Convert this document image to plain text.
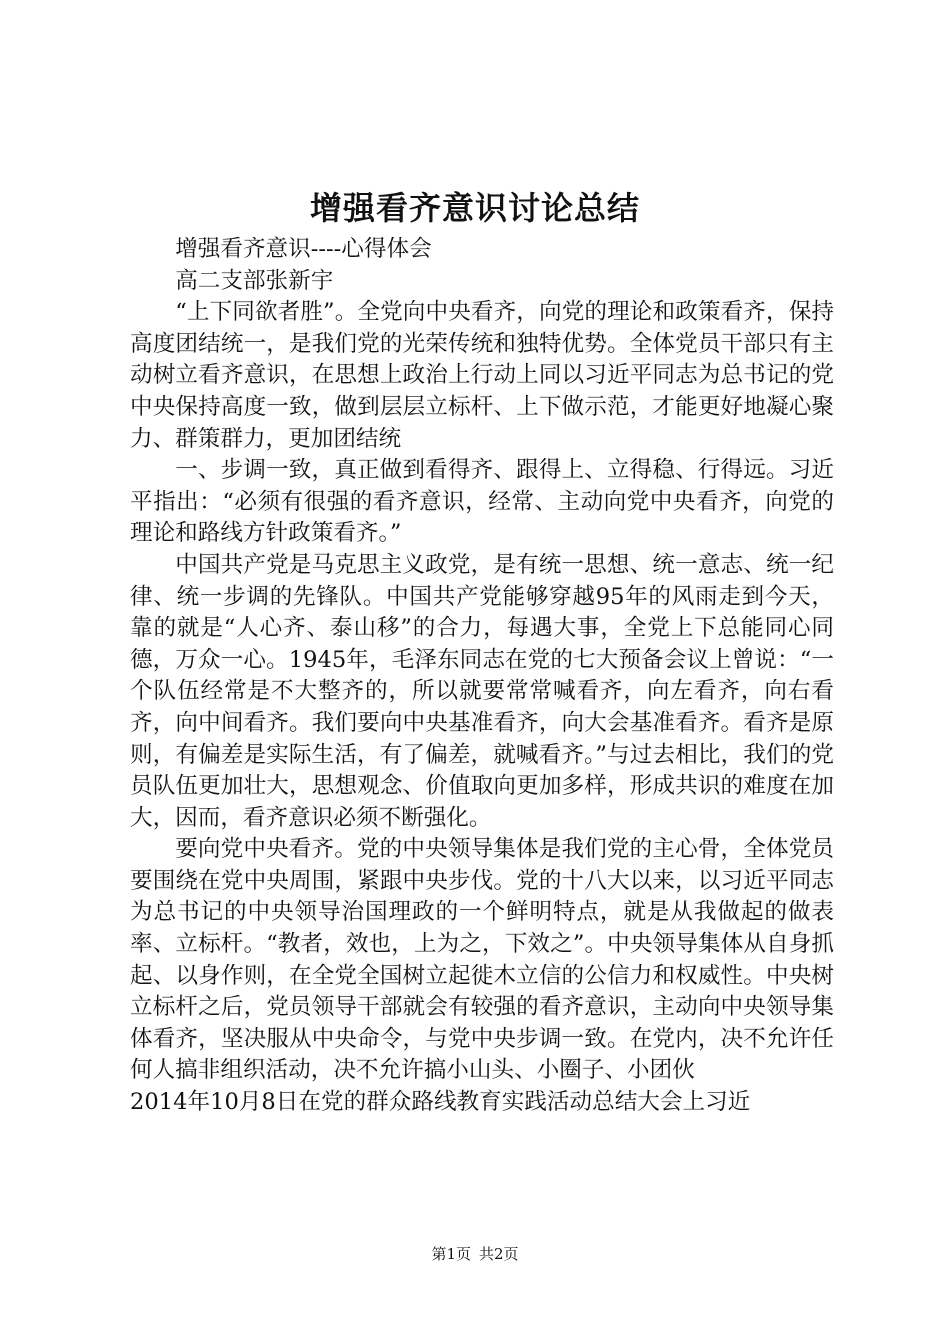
增强看齐意识讨论总结

增强看齐意识----心得体会

高二支部张新宇

“上下同欲者胜”。全党向中央看齐，向党的理论和政策看齐，保持高度团结统一，是我们党的光荣传统和独特优势。全体党员干部只有主动树立看齐意识，在思想上政治上行动上同以习近平同志为总书记的党中央保持高度一致，做到层层立标杆、上下做示范，才能更好地凝心聚力、群策群力，更加团结统

一、步调一致，真正做到看得齐、跟得上、立得稳、行得远。习近平指出：“必须有很强的看齐意识，经常、主动向党中央看齐，向党的理论和路线方针政策看齐。”

中国共产党是马克思主义政党，是有统一思想、统一意志、统一纪律、统一步调的先锋队。中国共产党能够穿越95年的风雨走到今天，靠的就是“人心齐、泰山移”的合力，每遇大事，全党上下总能同心同德，万众一心。1945年，毛泽东同志在党的七大预备会议上曾说：“一个队伍经常是不大整齐的，所以就要常常喊看齐，向左看齐，向右看齐，向中间看齐。我们要向中央基准看齐，向大会基准看齐。看齐是原则，有偏差是实际生活，有了偏差，就喊看齐。”与过去相比，我们的党员队伍更加壮大，思想观念、价值取向更加多样，形成共识的难度在加大，因而，看齐意识必须不断强化。

要向党中央看齐。党的中央领导集体是我们党的主心骨，全体党员要围绕在党中央周围，紧跟中央步伐。党的十八大以来，以习近平同志为总书记的中央领导治国理政的一个鲜明特点，就是从我做起的做表率、立标杆。“教者，效也，上为之，下效之”。中央领导集体从自身抓起、以身作则，在全党全国树立起徙木立信的公信力和权威性。中央树立标杆之后，党员领导干部就会有较强的看齐意识，主动向中央领导集体看齐，坚决服从中央命令，与党中央步调一致。在党内，决不允许任何人搞非组织活动，决不允许搞小山头、小圈子、小团伙

2014年10月8日在党的群众路线教育实践活动总结大会上习近

第1页 共2页
